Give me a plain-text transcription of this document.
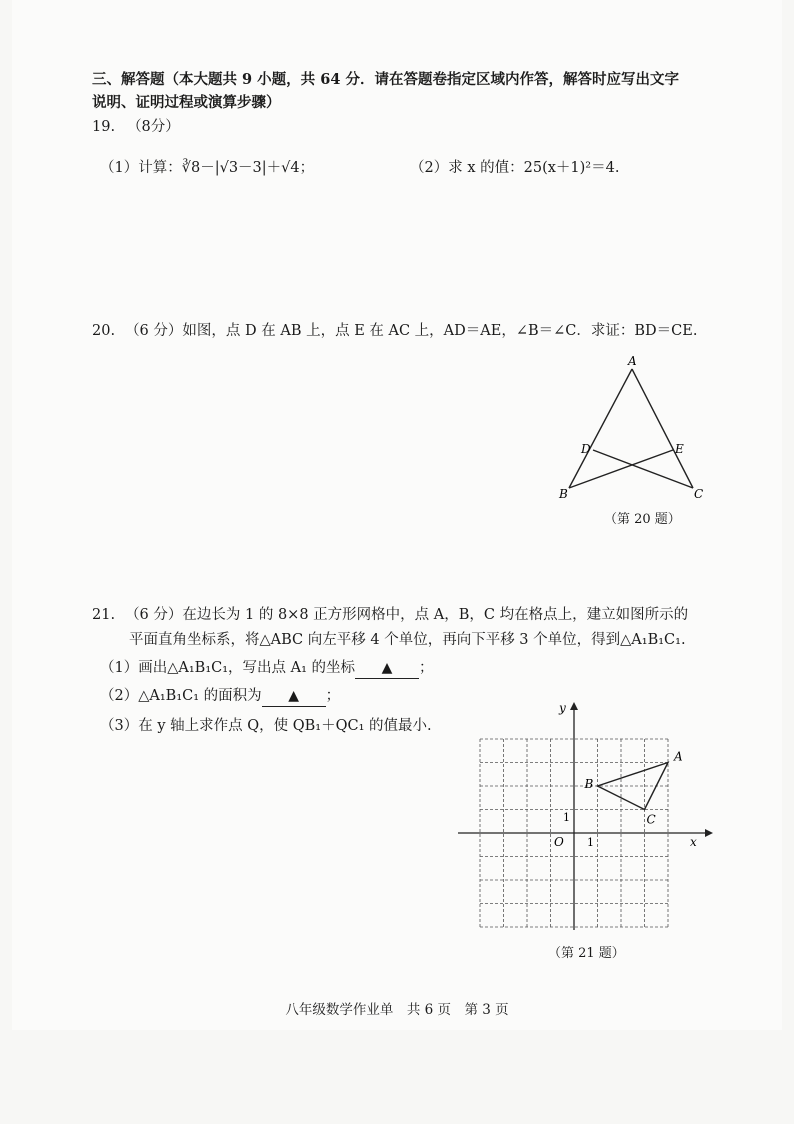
三、解答题（本大题共 9 小题，共 64 分．请在答题卷指定区域内作答，解答时应写出文字
说明、证明过程或演算步骤）
19. （8分）
（1）计算：∛8－|√3－3|＋√4；	（2）求 x 的值：25(x＋1)²＝4.
20. （6 分）如图，点 D 在 AB 上，点 E 在 AC 上，AD＝AE，∠B＝∠C．求证：BD＝CE.
A
B	C
D	E
（第 20 题）
21. （6 分）在边长为 1 的 8×8 正方形网格中，点 A，B，C 均在格点上，建立如图所示的
平面直角坐标系，将△ABC 向左平移 4 个单位，再向下平移 3 个单位，得到△A₁B₁C₁.
（1）画出△A₁B₁C₁，写出点 A₁ 的坐标 ▲ ；
（2）△A₁B₁C₁ 的面积为 ▲ ；
（3）在 y 轴上求作点 Q，使 QB₁＋QC₁ 的值最小.
x
y
O 1
1
A
B
C
（第 21 题）
八年级数学作业单　共 6 页　第 3 页
